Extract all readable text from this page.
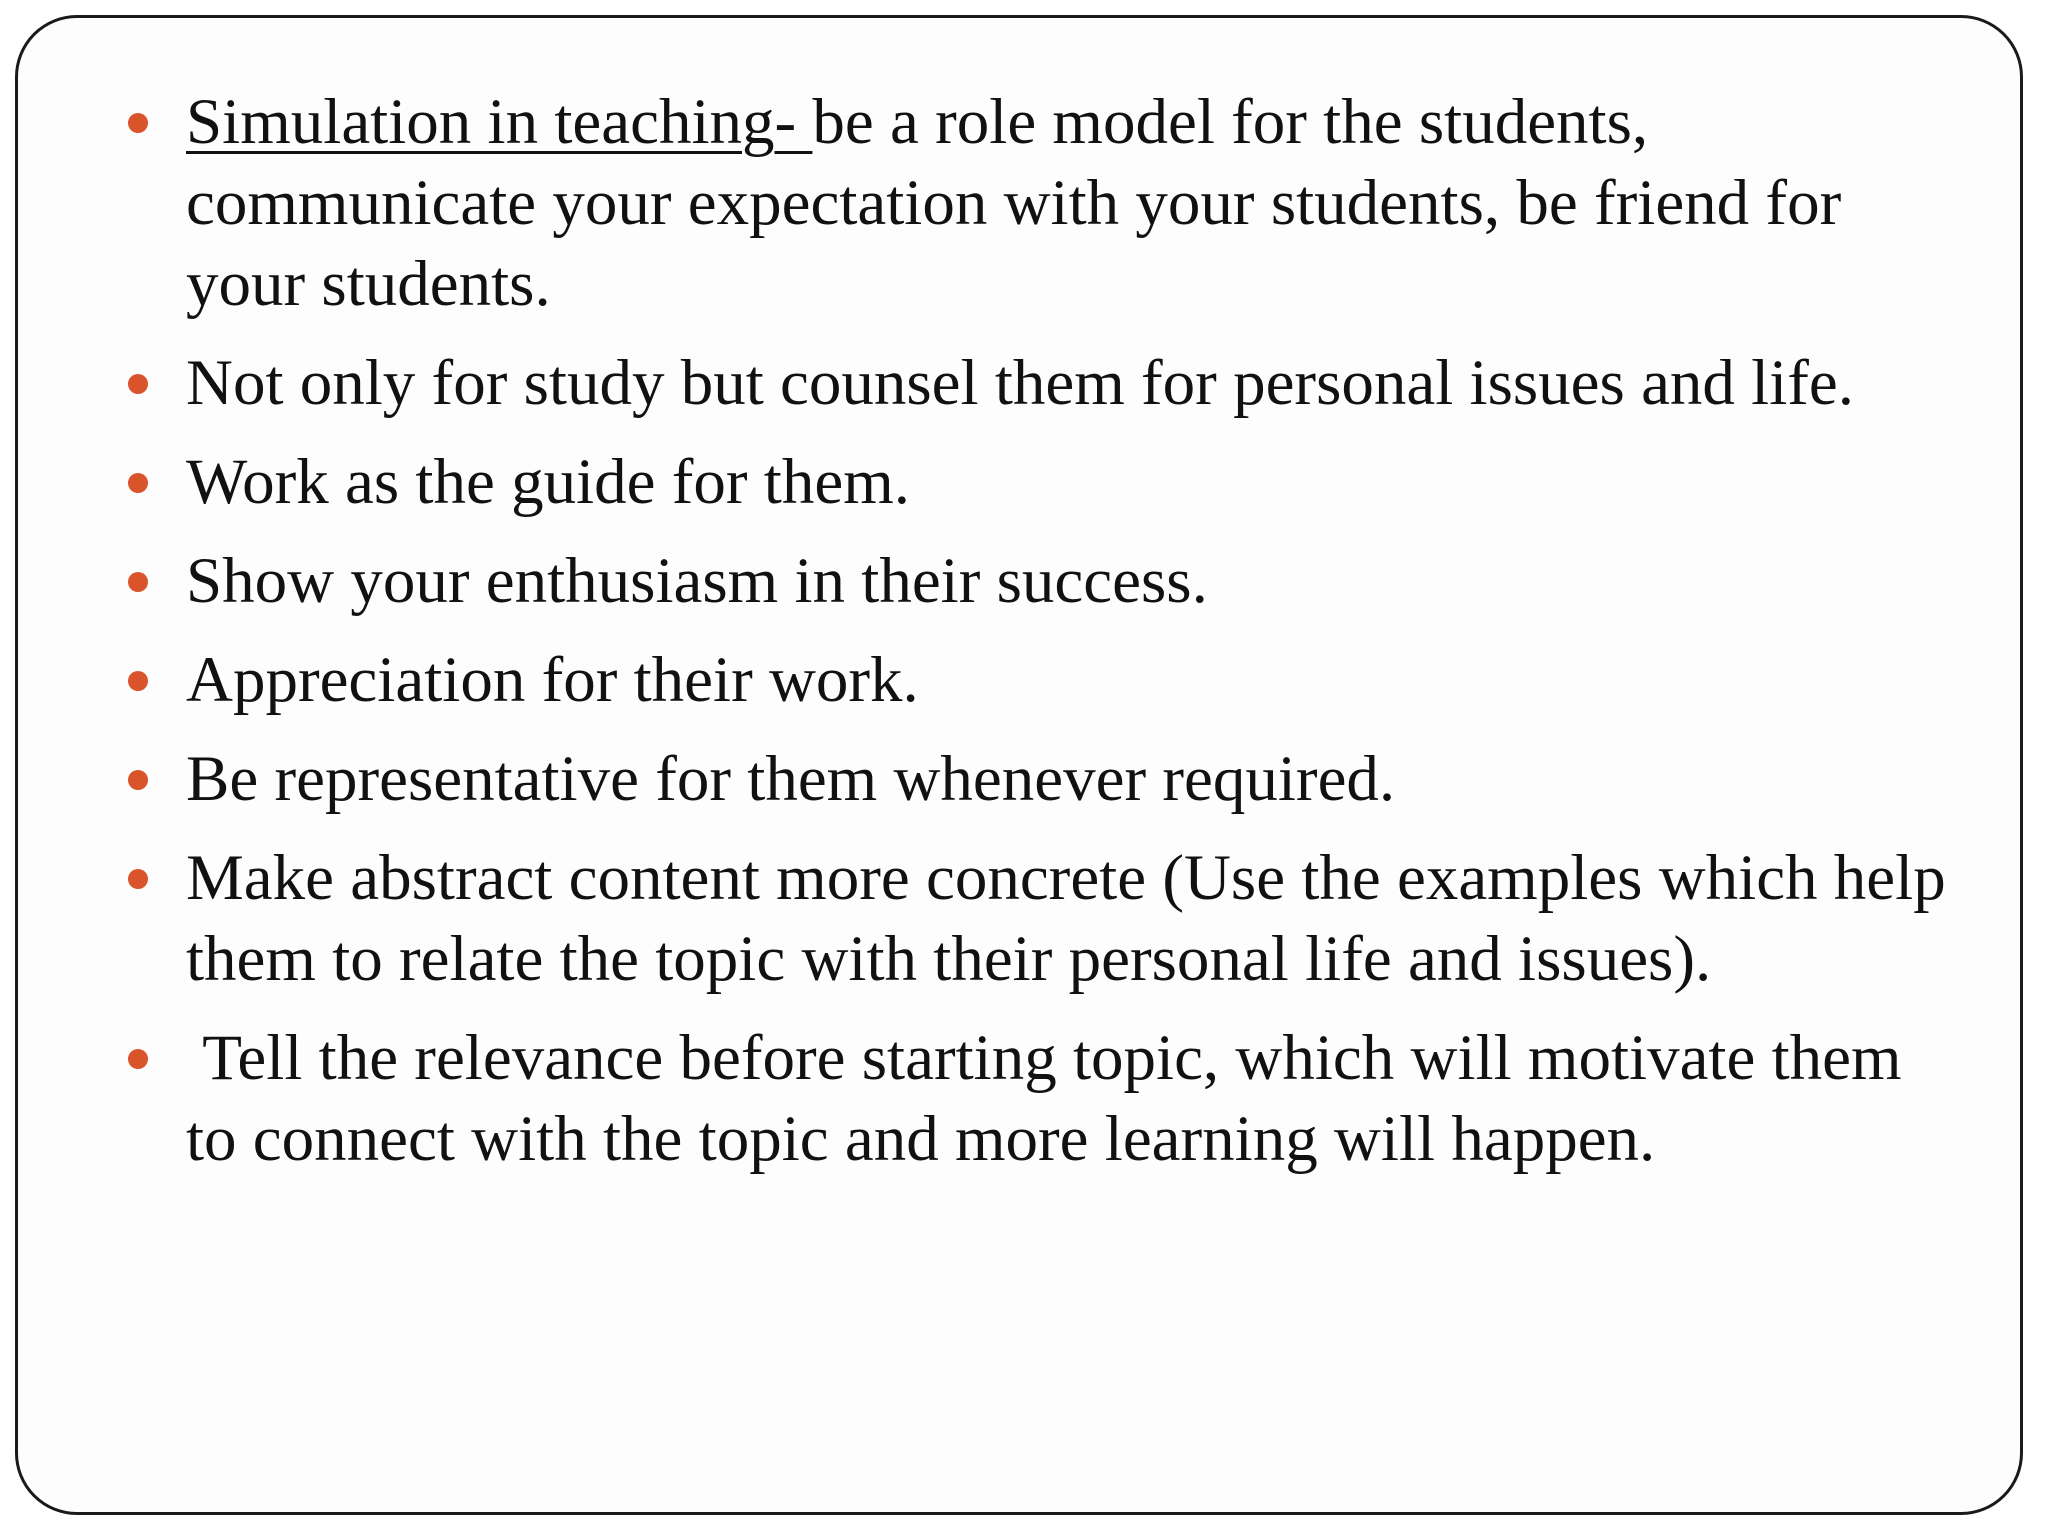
Simulation in teaching- be a role model for the students, communicate your expectation with your students, be friend for your students.
Not only for study but counsel them for personal issues and life.
Work as the guide for them.
Show your enthusiasm in their success.
Appreciation for their work.
Be representative for them whenever required.
Make abstract content more concrete (Use the examples which help them to relate the topic with their personal life and issues).
Tell the relevance before starting topic, which will motivate them to connect with the topic and more learning will happen.
